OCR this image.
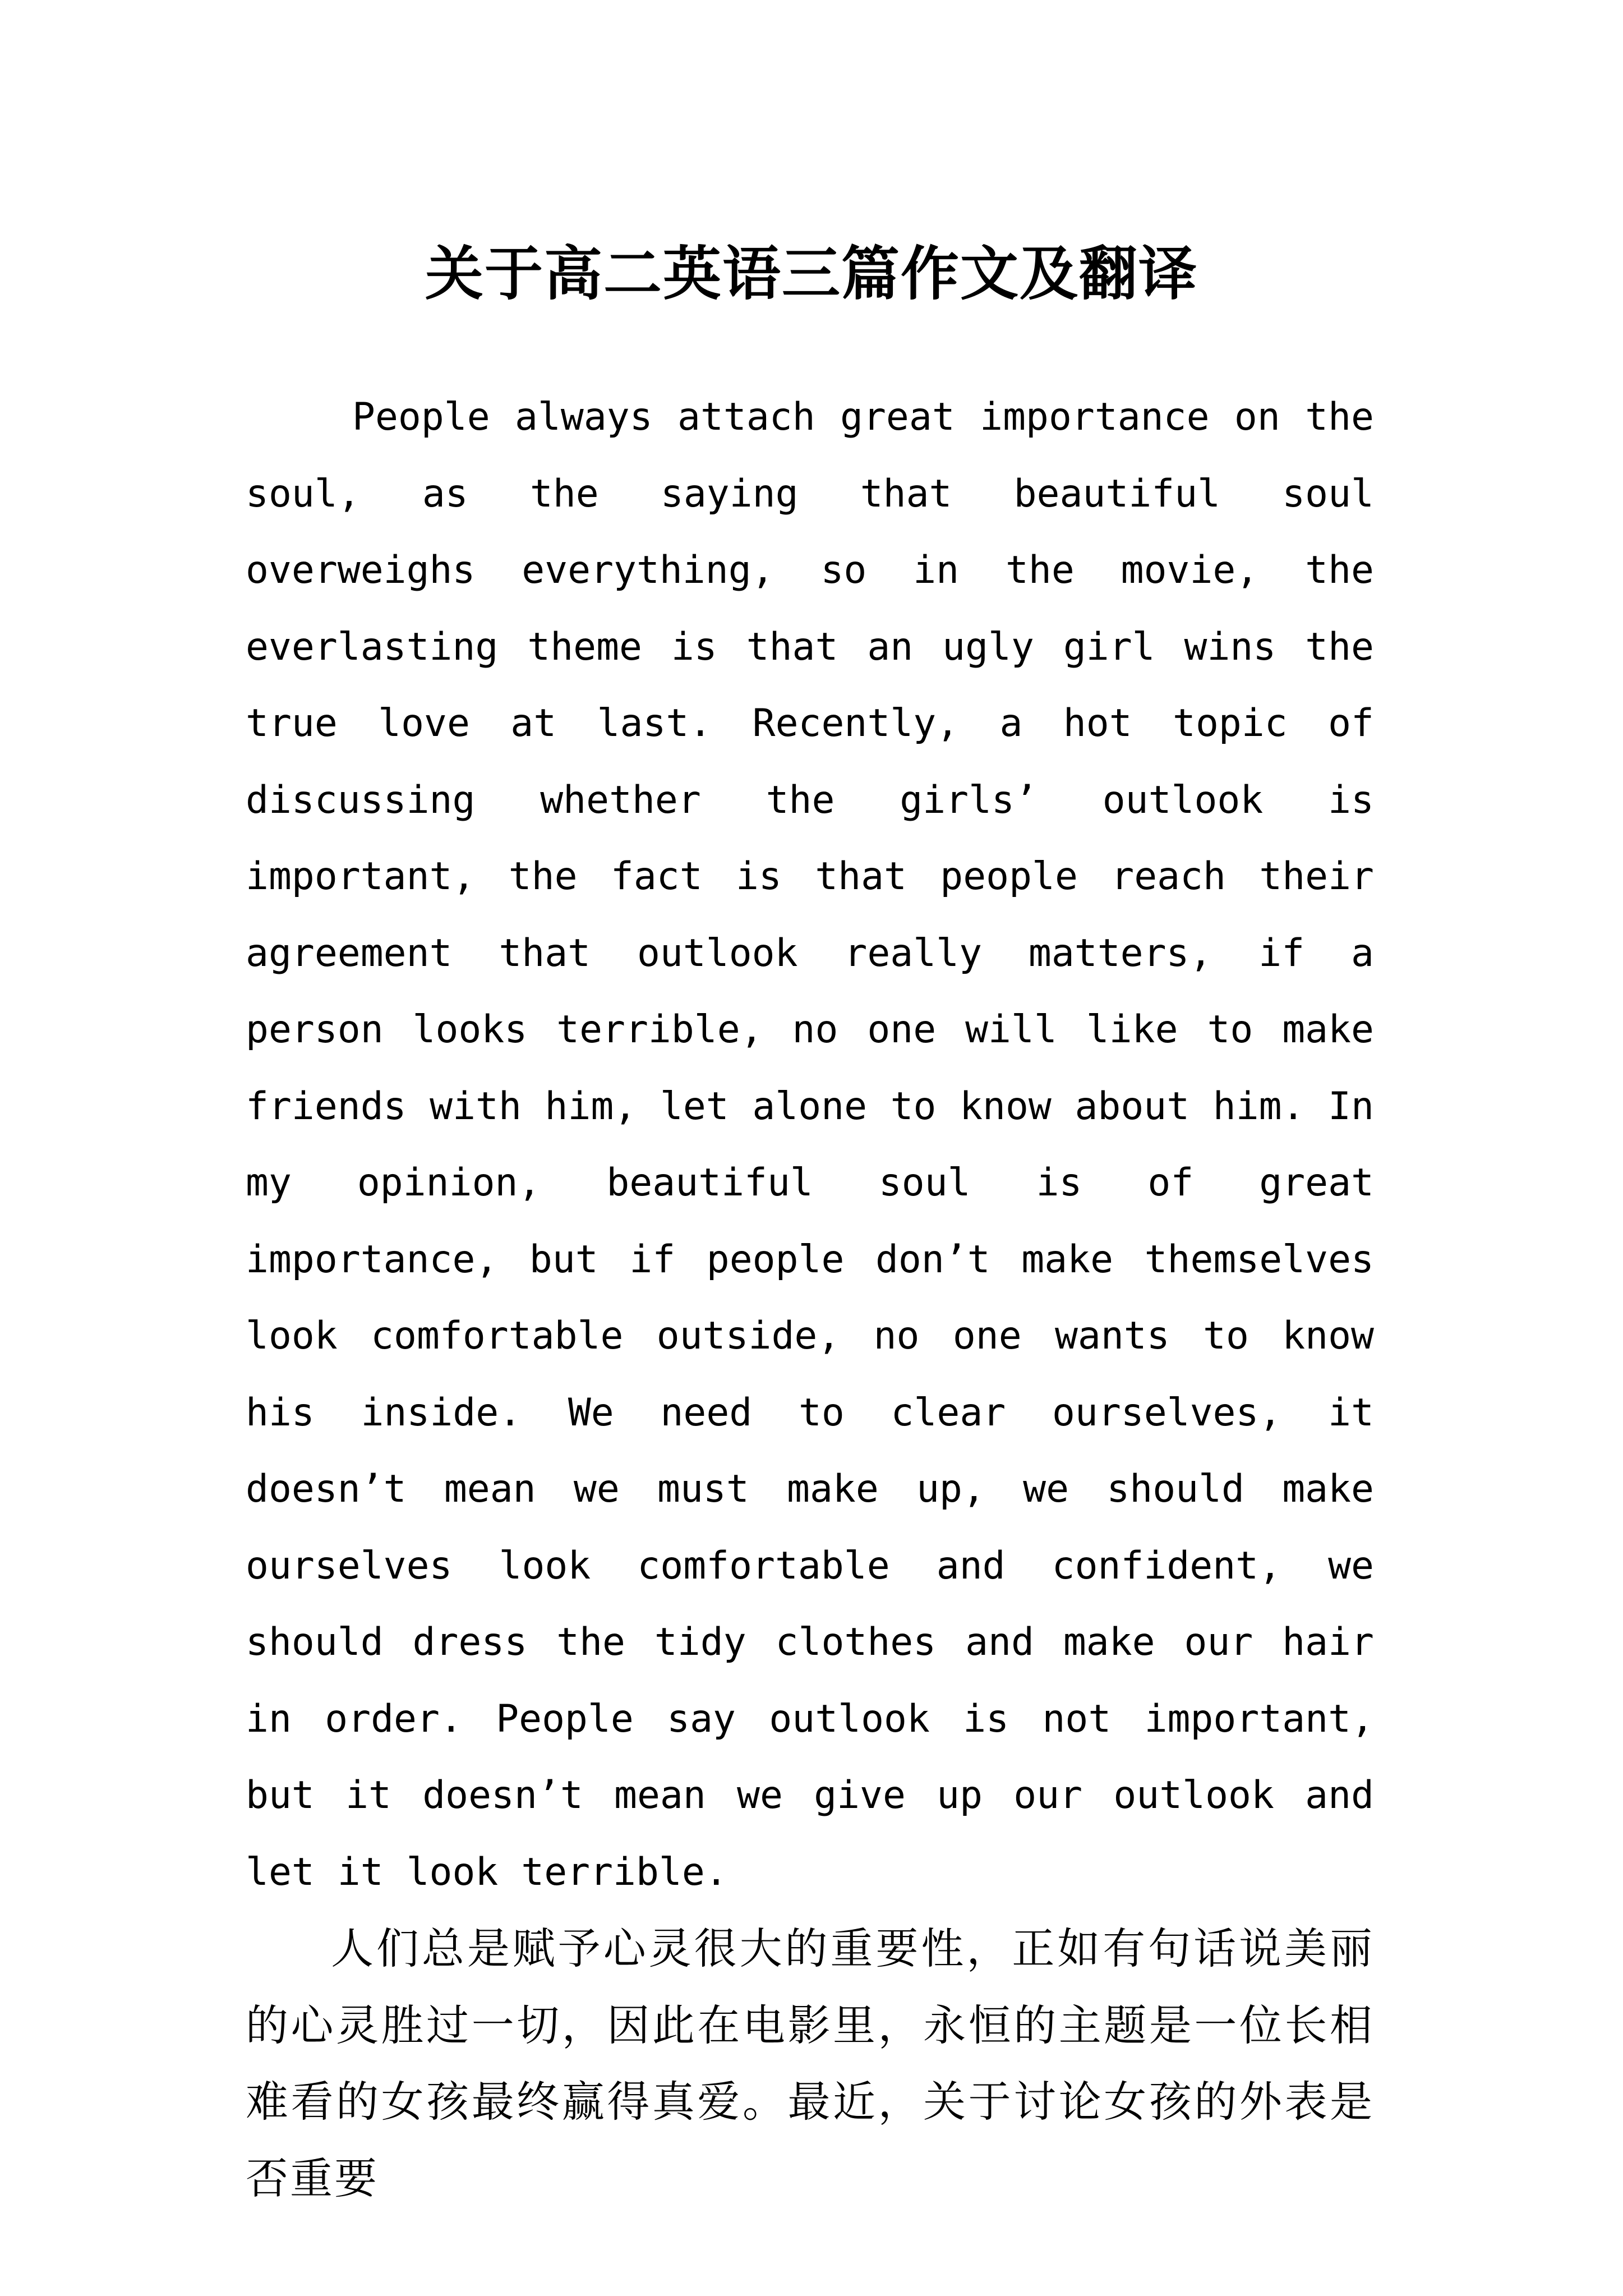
关于高二英语三篇作文及翻译

People always attach great importance on the soul, as the saying that beautiful soul overweighs everything, so in the movie, the everlasting theme is that an ugly girl wins the true love at last. Recently, a hot topic of discussing whether the girls’ outlook is important, the fact is that people reach their agreement that outlook really matters, if a person looks terrible, no one will like to make friends with him, let alone to know about him. In my opinion, beautiful soul is of great importance, but if people don’t make themselves look comfortable outside, no one wants to know his inside. We need to clear ourselves, it doesn’t mean we must make up, we should make ourselves look comfortable and confident, we should dress the tidy clothes and make our hair in order. People say outlook is not important, but it doesn’t mean we give up our outlook and let it look terrible.

人们总是赋予心灵很大的重要性，正如有句话说美丽的心灵胜过一切，因此在电影里，永恒的主题是一位长相难看的女孩最终赢得真爱。最近，关于讨论女孩的外表是否重要
